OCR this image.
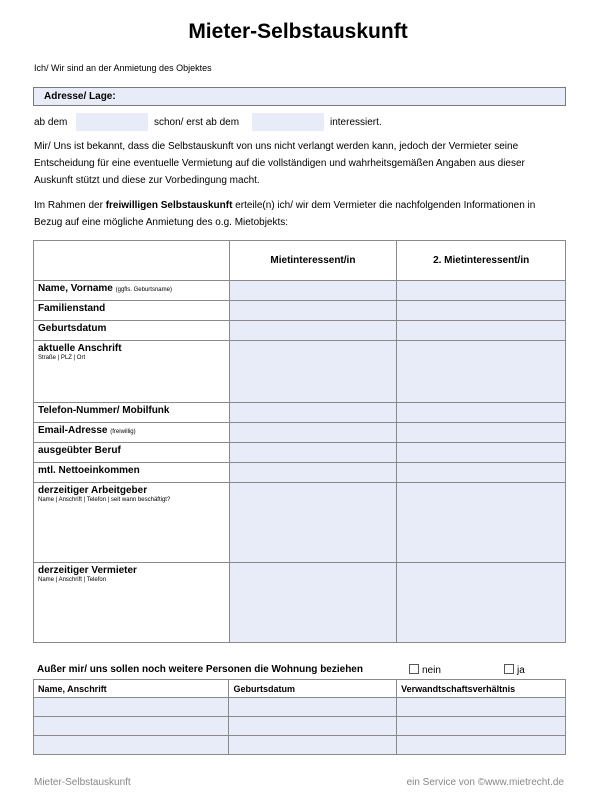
Mieter-Selbstauskunft
Ich/ Wir sind an der Anmietung des Objektes
Adresse/ Lage:
ab dem	schon/ erst ab dem	interessiert.
Mir/ Uns ist bekannt, dass die Selbstauskunft von uns nicht verlangt werden kann, jedoch der Vermieter seine Entscheidung für eine eventuelle Vermietung auf die vollständigen und wahrheitsgemäßen Angaben aus dieser Auskunft stützt und diese zur Vorbedingung macht.
Im Rahmen der freiwilligen Selbstauskunft erteile(n) ich/ wir dem Vermieter die nachfolgenden Informationen in Bezug auf eine mögliche Anmietung des o.g. Mietobjekts:
	Mietinteressent/in	2. Mietinteressent/in
Name, Vorname (ggfls. Geburtsname)		
Familienstand		
Geburtsdatum		
aktuelle Anschrift
Straße | PLZ | Ort		

Telefon-Nummer/ Mobilfunk		
Email-Adresse (freiwillig)		
ausgeübter Beruf		
mtl. Nettoeinkommen		
derzeitiger Arbeitgeber
Name | Anschrift | Telefon | seit wann beschäftigt?		

derzeitiger Vermieter
Name | Anschrift | Telefon		

Außer mir/ uns sollen noch weitere Personen die Wohnung beziehen	nein	ja
Name, Anschrift	Geburtsdatum	Verwandtschaftsverhältnis

Mieter-Selbstauskunft	ein Service von ©www.mietrecht.de
